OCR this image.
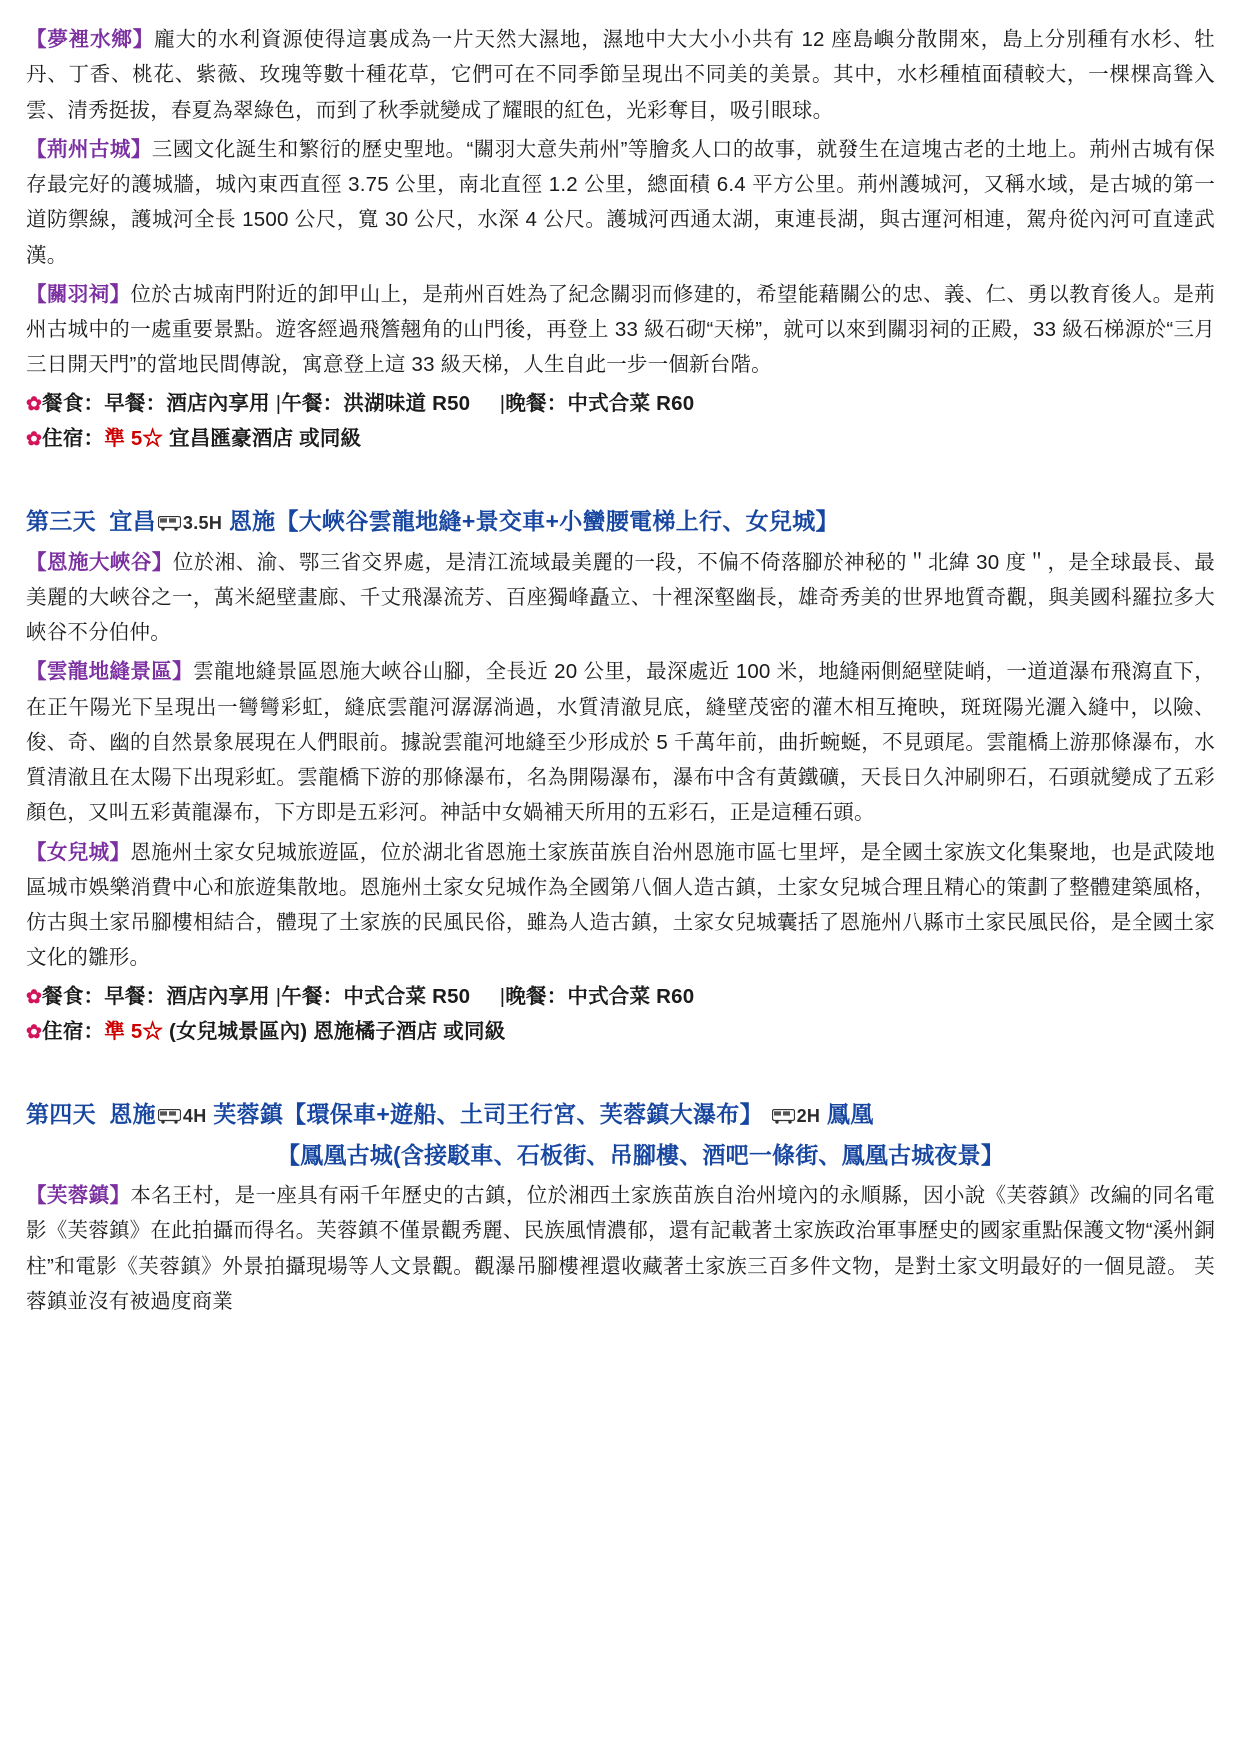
【夢裡水鄉】龐大的水利資源使得這裏成為一片天然大濕地，濕地中大大小小共有 12 座島嶼分散開來，島上分別種有水杉、牡丹、丁香、桃花、紫薇、玫瑰等數十種花草，它們可在不同季節呈現出不同美的美景。其中，水杉種植面積較大，一棵棵高聳入雲、清秀挺拔，春夏為翠綠色，而到了秋季就變成了耀眼的紅色，光彩奪目，吸引眼球。

【荊州古城】三國文化誕生和繁衍的歷史聖地。“關羽大意失荊州”等膾炙人口的故事，就發生在這塊古老的土地上。荊州古城有保存最完好的護城牆，城內東西直徑 3.75 公里，南北直徑 1.2 公里，總面積 6.4 平方公里。荊州護城河，又稱水域，是古城的第一道防禦線，護城河全長 1500 公尺，寬 30 公尺，水深 4 公尺。護城河西通太湖，東連長湖，與古運河相連，駕舟從內河可直達武漢。

【關羽祠】位於古城南門附近的卸甲山上，是荊州百姓為了紀念關羽而修建的，希望能藉關公的忠、義、仁、勇以教育後人。是荊州古城中的一處重要景點。遊客經過飛簷翹角的山門後，再登上 33 級石砌“天梯”，就可以來到關羽祠的正殿，33 級石梯源於“三月三日開天門”的當地民間傳說，寓意登上這 33 級天梯，人生自此一步一個新台階。

✿餐食：早餐：酒店內享用 |午餐：洪湖味道 R50 |晚餐：中式合菜 R60

✿住宿：準 5☆ 宜昌匯豪酒店 或同級

第三天 宜昌 3.5H 恩施【大峽谷雲龍地縫+景交車+小蠻腰電梯上行、女兒城】

【恩施大峽谷】位於湘、渝、鄂三省交界處，是清江流域最美麗的一段，不偏不倚落腳於神秘的＂北緯 30 度＂，是全球最長、最美麗的大峽谷之一，萬米絕壁畫廊、千丈飛瀑流芳、百座獨峰矗立、十裡深壑幽長，雄奇秀美的世界地質奇觀，與美國科羅拉多大峽谷不分伯仲。

【雲龍地縫景區】雲龍地縫景區恩施大峽谷山腳，全長近 20 公里，最深處近 100 米，地縫兩側絕壁陡峭，一道道瀑布飛瀉直下，在正午陽光下呈現出一彎彎彩虹，縫底雲龍河潺潺淌過，水質清澈見底，縫壁茂密的灌木相互掩映，斑斑陽光灑入縫中，以險、俊、奇、幽的自然景象展現在人們眼前。據說雲龍河地縫至少形成於 5 千萬年前，曲折蜿蜒，不見頭尾。雲龍橋上游那條瀑布，水質清澈且在太陽下出現彩虹。雲龍橋下游的那條瀑布，名為開陽瀑布，瀑布中含有黃鐵礦，天長日久沖刷卵石，石頭就變成了五彩顏色，又叫五彩黃龍瀑布，下方即是五彩河。神話中女媧補天所用的五彩石，正是這種石頭。

【女兒城】恩施州土家女兒城旅遊區，位於湖北省恩施土家族苗族自治州恩施市區七里坪，是全國土家族文化集聚地，也是武陵地區城市娛樂消費中心和旅遊集散地。恩施州土家女兒城作為全國第八個人造古鎮，土家女兒城合理且精心的策劃了整體建築風格，仿古與土家吊腳樓相結合，體現了土家族的民風民俗，雖為人造古鎮，土家女兒城囊括了恩施州八縣市土家民風民俗，是全國土家文化的雛形。

✿餐食：早餐：酒店內享用 |午餐：中式合菜 R50 |晚餐：中式合菜 R60

✿住宿：準 5☆ (女兒城景區內) 恩施橘子酒店 或同級

第四天 恩施 4H 芙蓉鎮【環保車+遊船、土司王行宮、芙蓉鎮大瀑布】 2H 鳳凰

【鳳凰古城(含接駁車、石板街、吊腳樓、酒吧一條街、鳳凰古城夜景】

【芙蓉鎮】本名王村，是一座具有兩千年歷史的古鎮，位於湘西土家族苗族自治州境內的永順縣，因小說《芙蓉鎮》改編的同名電影《芙蓉鎮》在此拍攝而得名。芙蓉鎮不僅景觀秀麗、民族風情濃郁，還有記載著土家族政治軍事歷史的國家重點保護文物“溪州銅柱”和電影《芙蓉鎮》外景拍攝現場等人文景觀。觀瀑吊腳樓裡還收藏著土家族三百多件文物，是對土家文明最好的一個見證。 芙蓉鎮並沒有被過度商業
